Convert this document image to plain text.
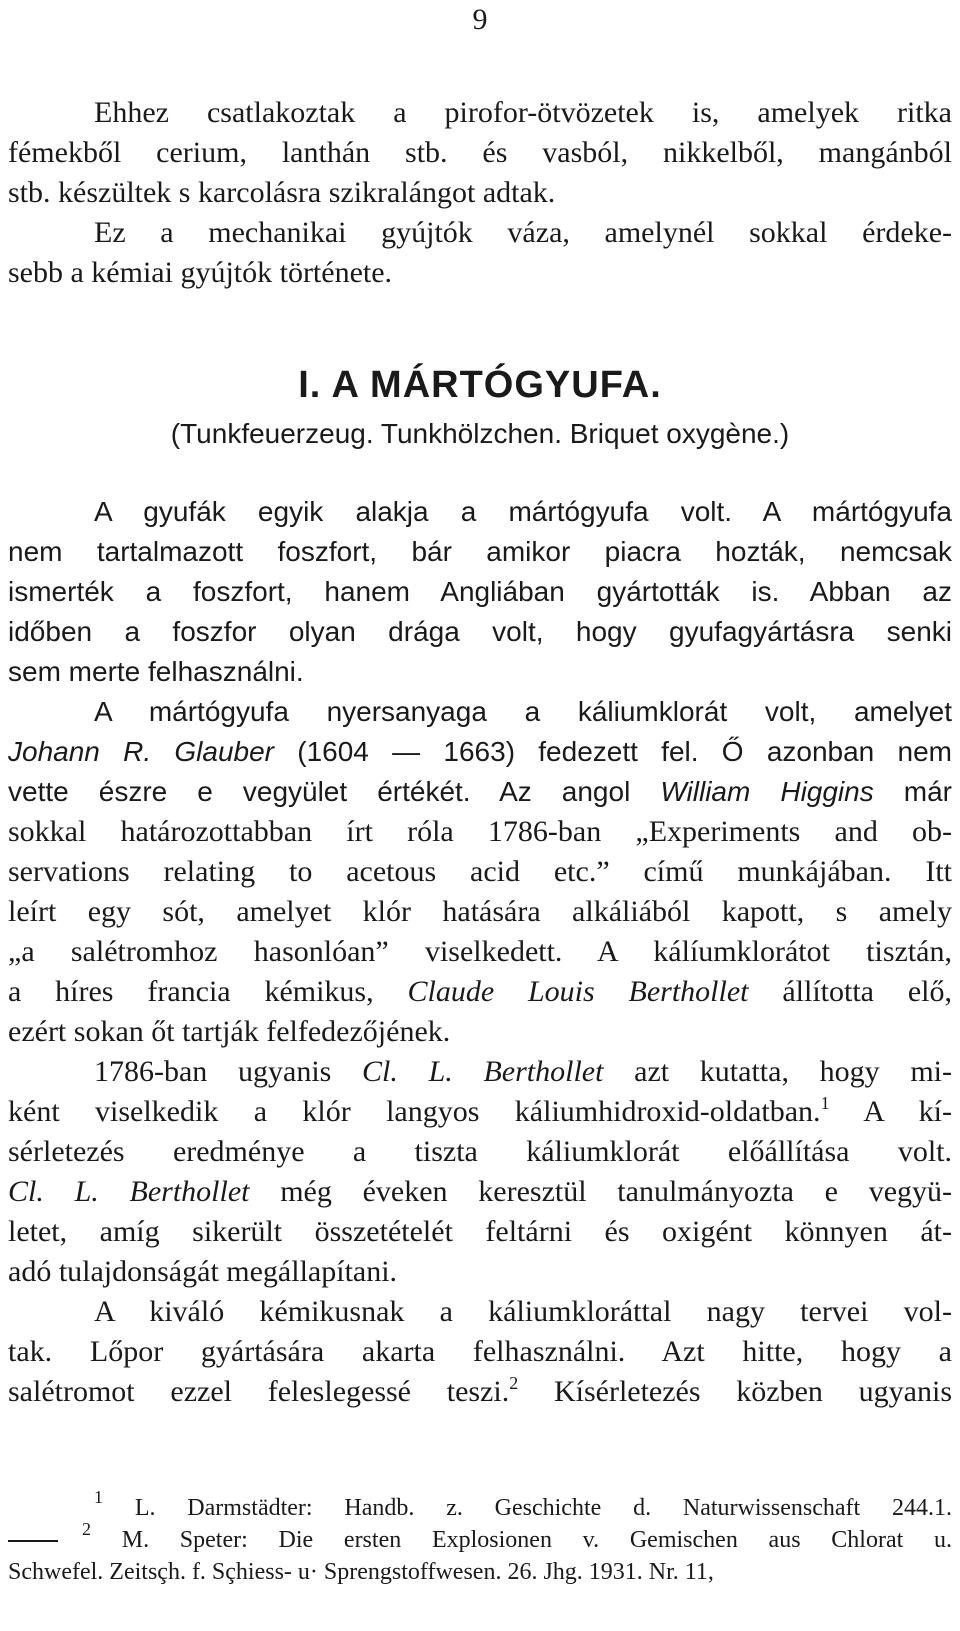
9

Ehhez csatlakoztak a pirofor-ötvözetek is, amelyek ritka
fémekből cerium, lanthán stb. és vasból, nikkelből, mangánból
stb. készültek s karcolásra szikralángot adtak.
Ez a mechanikai gyújtók váza, amelynél sokkal érdeke-
sebb a kémiai gyújtók története.

I. A MÁRTÓGYUFA.
(Tunkfeuerzeug. Tunkhölzchen. Briquet oxygène.)

A gyufák egyik alakja a mártógyufa volt. A mártógyufa
nem tartalmazott foszfort, bár amikor piacra hozták, nemcsak
ismerték a foszfort, hanem Angliában gyártották is. Abban az
időben a foszfor olyan drága volt, hogy gyufagyártásra senki
sem merte felhasználni.

A mártógyufa nyersanyaga a káliumklorát volt, amelyet
Johann R. Glauber (1604 — 1663) fedezett fel. Ő azonban nem
vette észre e vegyület értékét. Az angol William Higgins már

sokkal határozottabban írt róla 1786-ban „Experiments and ob-
servations relating to acetous acid etc.” című munkájában. Itt
leírt egy sót, amelyet klór hatására alkáliából kapott, s amely
„a salétromhoz hasonlóan” viselkedett. A kálíumklorátot tisztán,
a híres francia kémikus, Claude Louis Berthollet állította elő,
ezért sokan őt tartják felfedezőjének.

1786-ban ugyanis Cl. L. Berthollet azt kutatta, hogy mi-
ként viselkedik a klór langyos káliumhidroxid-oldatban.$^1$ A kí-
sérletezés eredménye a tiszta káliumklorát előállítása volt.
Cl. L. Berthollet még éveken keresztül tanulmányozta e vegyü-
letet, amíg sikerült összetételét feltárni és oxigént könnyen át-
adó tulajdonságát megállapítani.

A kiváló kémikusnak a káliumkloráttal nagy tervei vol-
tak. Lőpor gyártására akarta felhasználni. Azt hitte, hogy a
salétromot ezzel feleslegessé teszi.$^2$ Kísérletezés közben ugyanis

$^1$ L. Darmstädter: Handb. z. Geschichte d. Naturwissenschaft 244.1.
$^2$ M. Speter: Die ersten Explosionen v. Gemischen aus Chlorat u.
Schwefel. Zeitsçh. f. Sçhiess- u· Sprengstoffwesen. 26. Jhg. 1931. Nr. 11,
